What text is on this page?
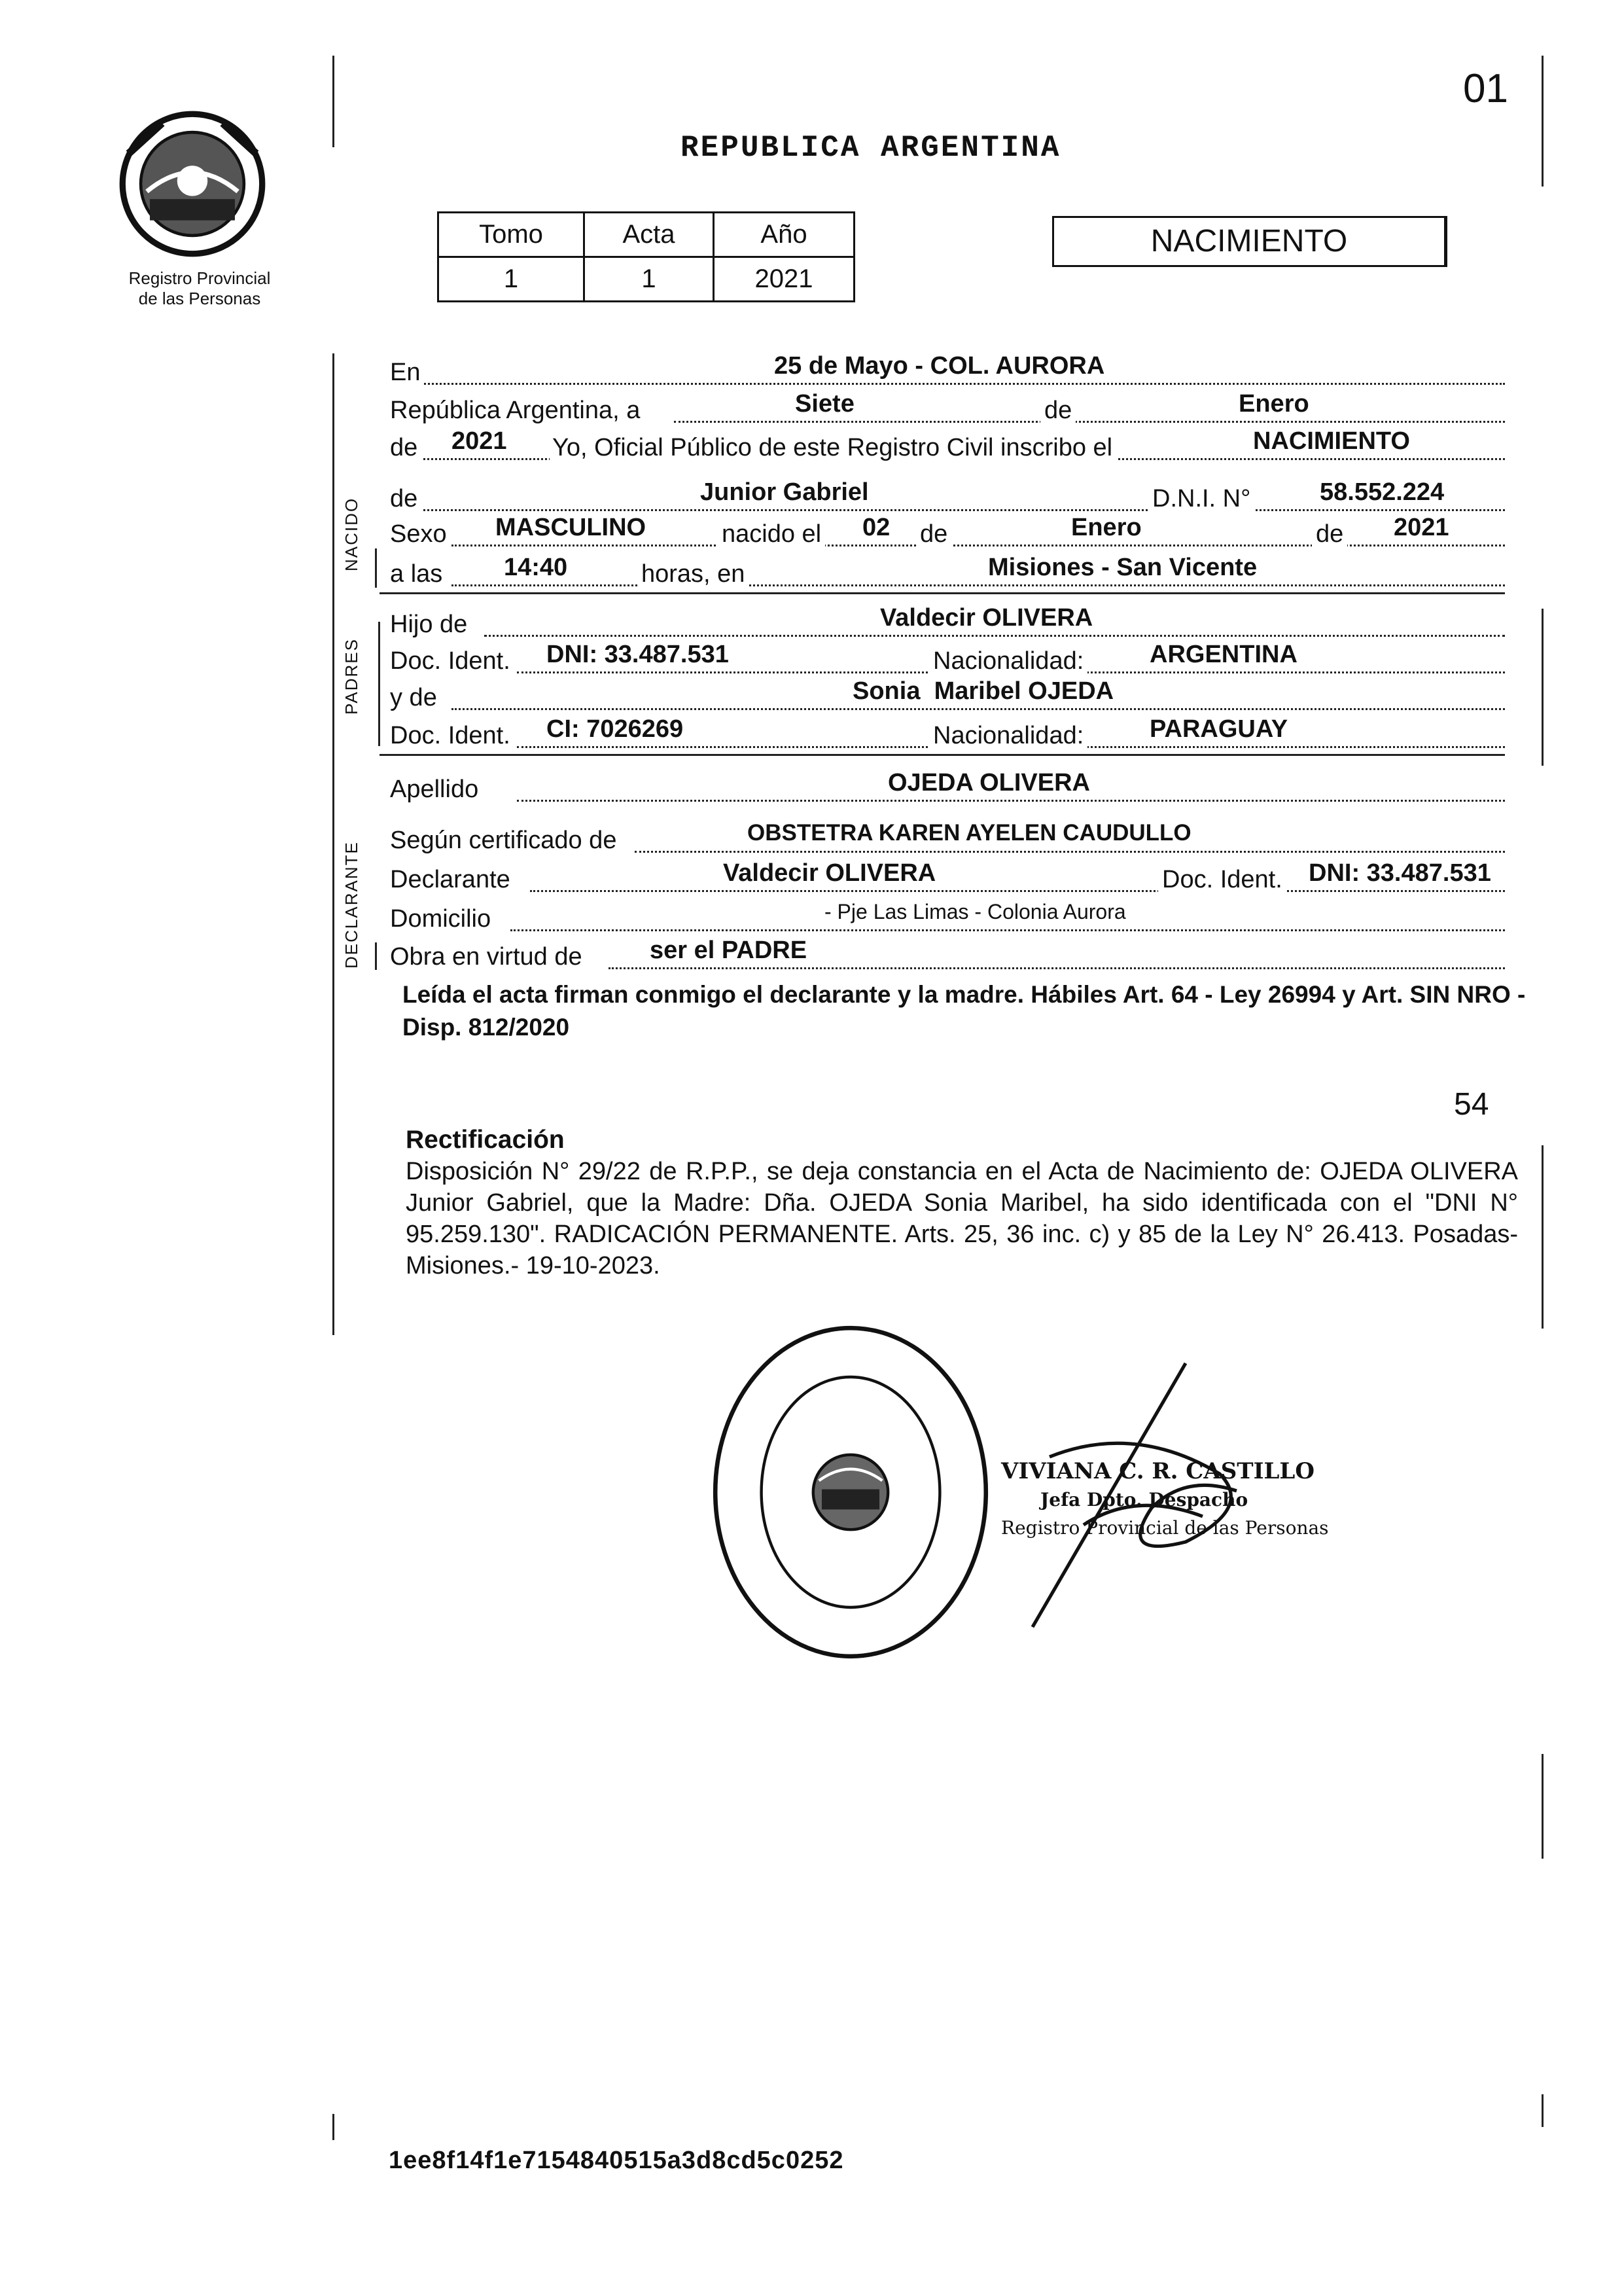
Registro Provincial
de las Personas
REPUBLICA ARGENTINA
01
Tomo	Acta	Año
1	1	2021
NACIMIENTO
NACIDO
PADRES
DECLARANTE
En	25 de Mayo - COL. AURORA
República Argentina, a	Siete	de	Enero
de 2021 Yo, Oficial Público de este Registro Civil inscribo el	NACIMIENTO
de	Junior Gabriel	D.N.I. N°	58.552.224
Sexo MASCULINO	nacido el 02 de	Enero	de 2021
a las 14:40	horas, en	Misiones - San Vicente
Hijo de	Valdecir OLIVERA
Doc. Ident. DNI: 33.487.531	Nacionalidad:	ARGENTINA
y de	Sonia  Maribel OJEDA
Doc. Ident. CI: 7026269	Nacionalidad:	PARAGUAY
Apellido	OJEDA OLIVERA
Según certificado de	OBSTETRA KAREN AYELEN CAUDULLO
Declarante	Valdecir OLIVERA	Doc. Ident. DNI: 33.487.531
Domicilio	- Pje Las Limas - Colonia Aurora
Obra en virtud de	ser el PADRE
Leída el acta firman conmigo el declarante y la madre. Hábiles Art. 64 - Ley 26994 y Art. SIN NRO - Disp. 812/2020
54
Rectificación
Disposición N° 29/22 de R.P.P., se deja constancia en el Acta de Nacimiento de: OJEDA OLIVERA Junior Gabriel, que la Madre: Dña. OJEDA Sonia Maribel, ha sido identificada con el "DNI N° 95.259.130". RADICACIÓN PERMANENTE. Arts. 25, 36 inc. c) y 85 de la Ley N° 26.413. Posadas- Misiones.- 19-10-2023.
VIVIANA C. R. CASTILLO
Jefa Dpto. Despacho
Registro Provincial de las Personas
1ee8f14f1e7154840515a3d8cd5c0252
